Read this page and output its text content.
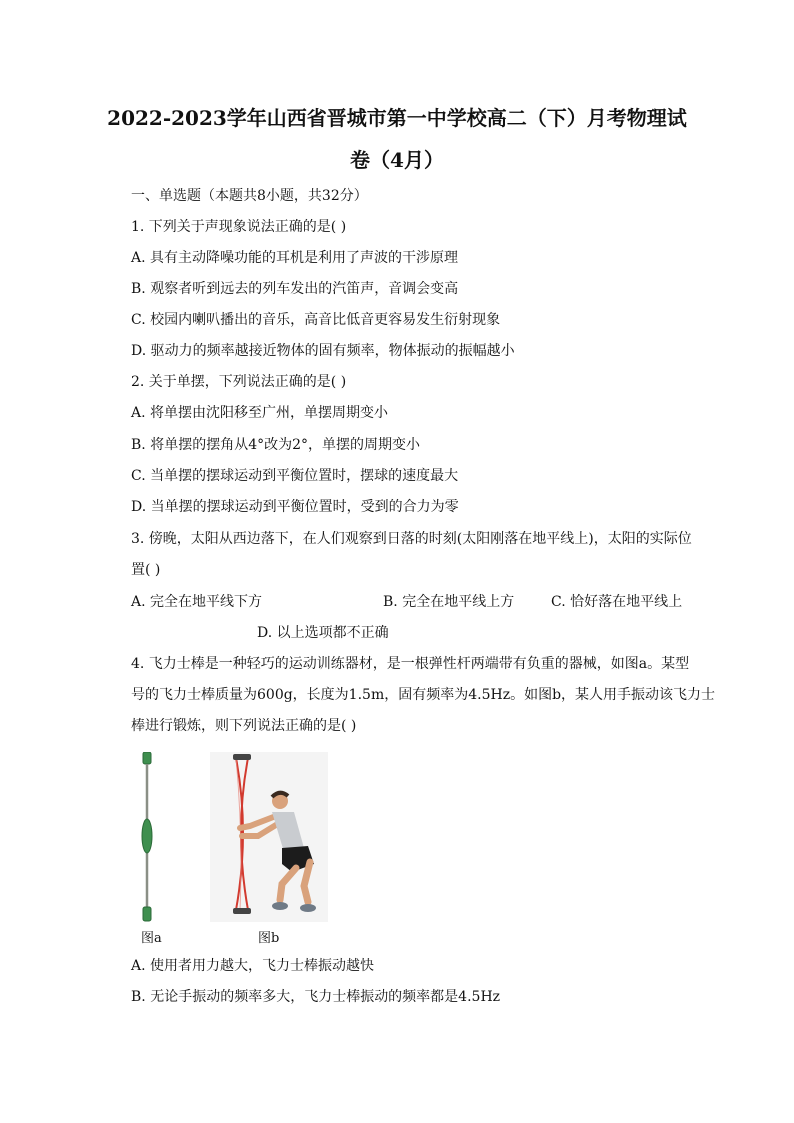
2022-2023学年山西省晋城市第一中学校高二（下）月考物理试
卷（4月）
一、单选题（本题共8小题，共32分）
1. 下列关于声现象说法正确的是( )
A. 具有主动降噪功能的耳机是利用了声波的干涉原理
B. 观察者听到远去的列车发出的汽笛声，音调会变高
C. 校园内喇叭播出的音乐，高音比低音更容易发生衍射现象
D. 驱动力的频率越接近物体的固有频率，物体振动的振幅越小
2. 关于单摆，下列说法正确的是( )
A. 将单摆由沈阳移至广州，单摆周期变小
B. 将单摆的摆角从4°改为2°，单摆的周期变小
C. 当单摆的摆球运动到平衡位置时，摆球的速度最大
D. 当单摆的摆球运动到平衡位置时，受到的合力为零
3. 傍晚，太阳从西边落下，在人们观察到日落的时刻(太阳刚落在地平线上)，太阳的实际位
置( )
A. 完全在地平线下方	B. 完全在地平线上方	C. 恰好落在地平线上
D. 以上选项都不正确
4. 飞力士棒是一种轻巧的运动训练器材，是一根弹性杆两端带有负重的器械，如图a。某型
号的飞力士棒质量为600g，长度为1.5m，固有频率为4.5Hz。如图b，某人用手振动该飞力士
棒进行锻炼，则下列说法正确的是( )
图a	图b
A. 使用者用力越大，飞力士棒振动越快
B. 无论手振动的频率多大，飞力士棒振动的频率都是4.5Hz
